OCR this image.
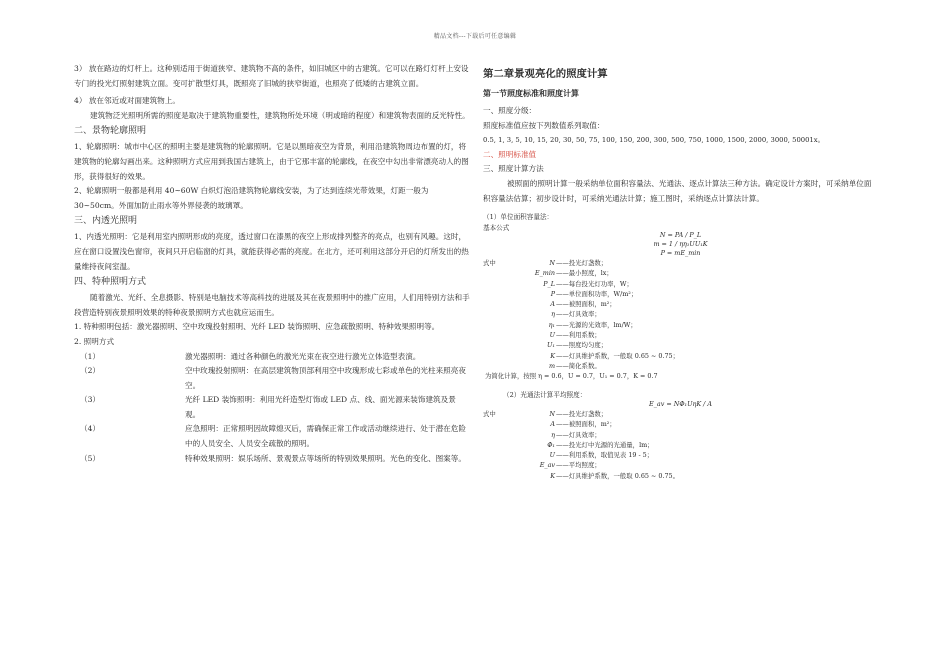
精品文档---下载后可任意编辑

3） 放在路边的灯杆上。这种别适用于街道狭窄、建筑物不高的条件，如旧城区中的古建筑。它可以在路灯灯杆上安设专门的投光灯照射建筑立面。变可扩散型灯具，既照亮了旧城的狭窄街道，也照亮了低矮的古建筑立面。

4） 放在邻近或对面建筑物上。

建筑物泛光照明所需的照度是取决于建筑物重要性，建筑物所处环境（明或暗的程度）和建筑物表面的反光特性。

二、景物轮廓照明

1、轮廓照明：城市中心区的照明主要是建筑物的轮廓照明。它是以黑暗夜空为背景，利用沿建筑物周边布置的灯，将建筑物的轮廓勾画出来。这种照明方式应用到我国古建筑上，由于它那丰富的轮廓线，在夜空中勾出非常漂亮动人的图形，获得很好的效果。

2、轮廓照明一般都是利用 40~60W 白炽灯泡沿建筑物轮廓线安装，为了达到连续光带效果，灯距一般为30~50cm。外面加防止雨水等外界侵袭的玻璃罩。

三、内透光照明

1、内透光照明：它是利用室内照明形成的亮度，透过窗口在漆黑的夜空上形成排列整齐的亮点，也别有风趣。这时，应在窗口设置浅色窗帘，夜间只开启临窗的灯具，就能获得必需的亮度。在北方，还可利用这部分开启的灯所发出的热量维持夜间室温。

四、特种照明方式

随着激光、光纤、全息摄影、特别是电脑技术等高科技的进展及其在夜景照明中的推广应用，人们用特别方法和手段营造特别夜景照明效果的特种夜景照明方式也就应运而生。

1. 特种照明包括：激光器照明、空中玫瑰投射照明、光纤 LED 装饰照明、应急疏散照明、特种效果照明等。

2. 照明方式

（1）	激光器照明：通过各种颜色的激光光束在夜空进行激光立体造型表演。
（2）	空中玫瑰投射照明：在高层建筑物顶部利用空中玫瑰形成七彩或单色的光柱来照亮夜空。
（3）	光纤 LED 装饰照明：利用光纤造型灯饰或 LED 点、线、面光源来装饰建筑及景观。
（4）	应急照明：正常照明因故障熄灭后，需确保正常工作或活动继续进行、处于潜在危险中的人员安全、人员安全疏散的照明。
（5）	特种效果照明：娱乐场所、景观景点等场所的特别效果照明。光色的变化、图案等。

第二章景观亮化的照度计算

第一节照度标准和照度计算

一、照度分级：

照度标准值应按下列数值系列取值：

0.5, 1, 3, 5, 10, 15, 20, 30, 50, 75, 100, 150, 200, 300, 500, 750, 1000, 1500, 2000, 3000, 50001x。

二、照明标准值

三、照度计算方法

被照面的照明计算一般采纳单位面积容量法、光通法、逐点计算法三种方法。确定设计方案时，可采纳单位面积容量法估算；初步设计时，可采纳光通法计算；施工图时，采纳逐点计算法计算。

（1）单位面积容量法：

基本公式

N = PA / P_L
m = 1 / ηη₁UU₁K
P = mE_min
式中	N ——投光灯盏数；
E_min ——最小照度，lx；
P_L ——每台投光灯功率，W；
P ——单位面积功率，W/m²；
A ——被照面积，m²；
η ——灯具效率；
η₁ ——光源的光效率，lm/W；
U ——利用系数；
U₁ ——照度均匀度；
K ——灯具维护系数，一般取 0.65 ~ 0.75；
m ——简化系数。

为简化计算，按照 η = 0.6，U = 0.7，U₁ = 0.7，K = 0.7

（2）光通法计算平均照度：

E_av = NΦ₁UηK / A
式中	N ——投光灯盏数；
A ——被照面积，m²；
η ——灯具效率；
Φ₁ ——投光灯中光源的光通量，lm；
U ——利用系数，取值见表 19 - 5；
E_av ——平均照度；
K ——灯具维护系数，一般取 0.65 ~ 0.75。
